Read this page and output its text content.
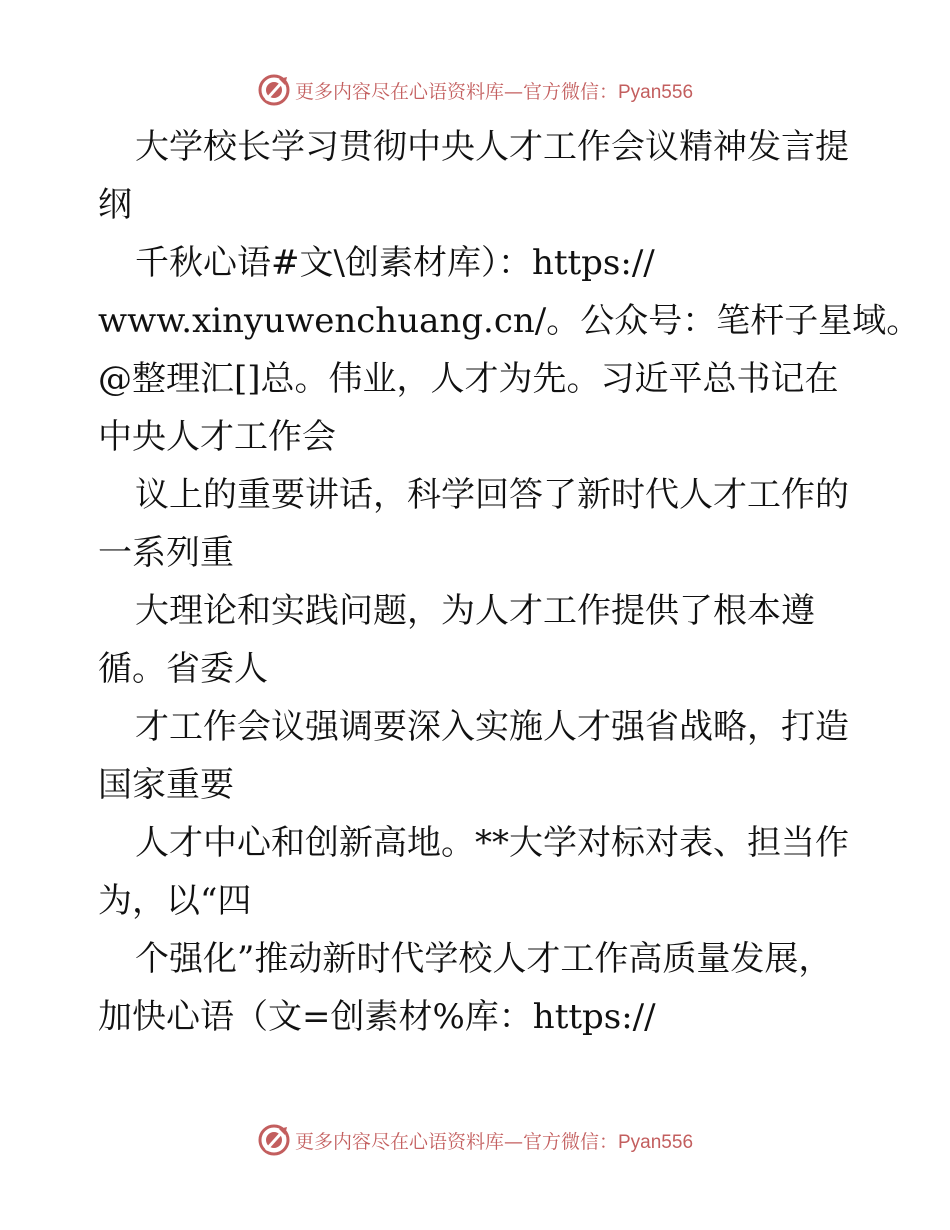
更多内容尽在心语资料库—官方微信：Pyan556
大学校长学习贯彻中央人才工作会议精神发言提
纲
千秋心语#文\创素材库）：https://
www.xinyuwenchuang.cn/。公众号：笔杆子星域。
@整理汇[]总。伟业，人才为先。习近平总书记在
中央人才工作会
议上的重要讲话，科学回答了新时代人才工作的
一系列重
大理论和实践问题，为人才工作提供了根本遵
循。省委人
才工作会议强调要深入实施人才强省战略，打造
国家重要
人才中心和创新高地。**大学对标对表、担当作
为，以“四
个强化”推动新时代学校人才工作高质量发展，
加快心语（文=创素材%库：https://
更多内容尽在心语资料库—官方微信：Pyan556
